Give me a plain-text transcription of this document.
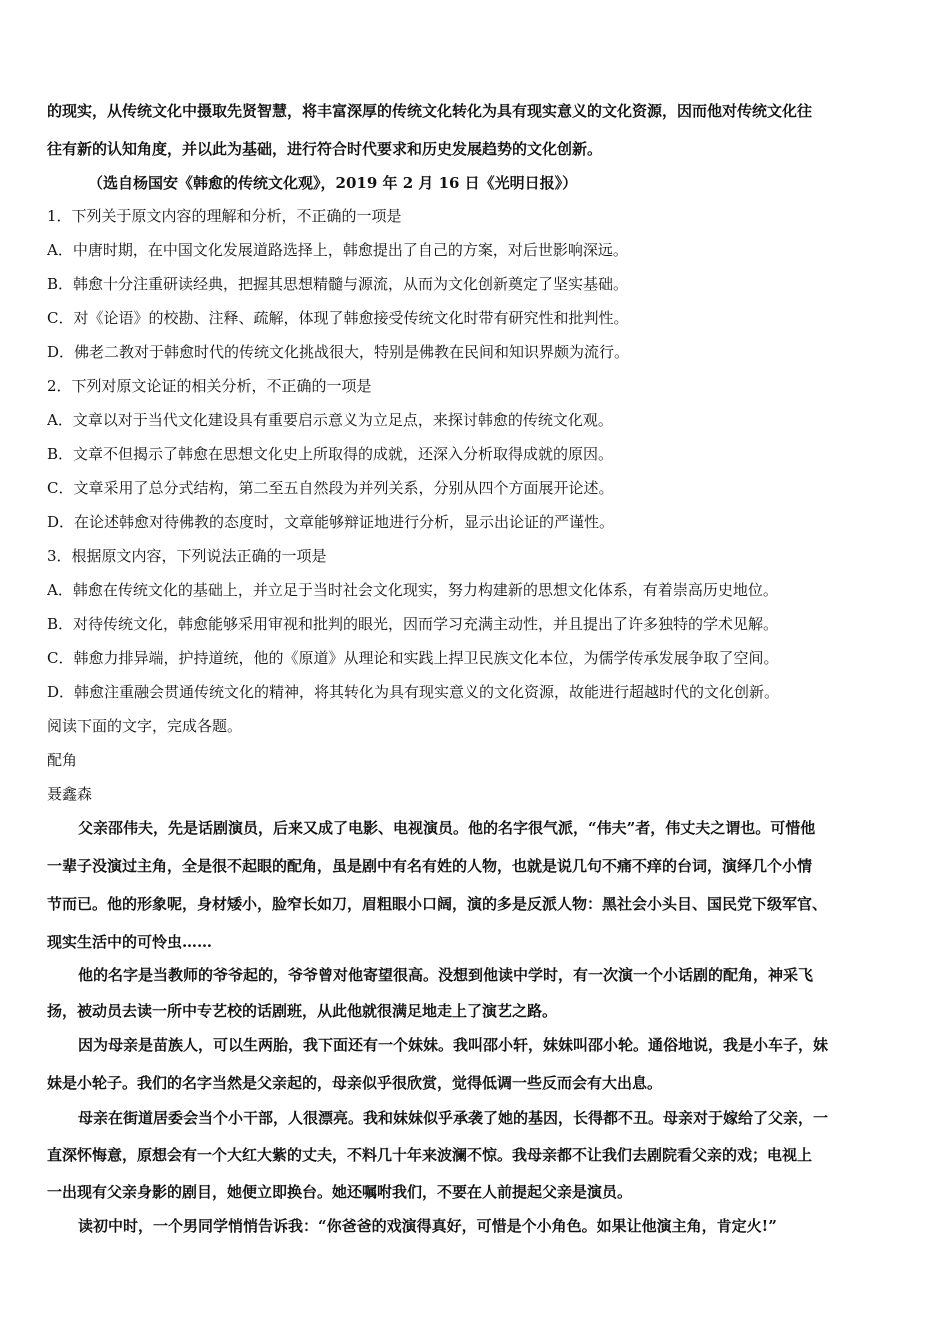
的现实，从传统文化中摄取先贤智慧，将丰富深厚的传统文化转化为具有现实意义的文化资源，因而他对传统文化往
往有新的认知角度，并以此为基础，进行符合时代要求和历史发展趋势的文化创新。
（选自杨国安《韩愈的传统文化观》，2019 年 2 月 16 日《光明日报》）
1．下列关于原文内容的理解和分析，不正确的一项是
A．中唐时期，在中国文化发展道路选择上，韩愈提出了自己的方案，对后世影响深远。
B．韩愈十分注重研读经典，把握其思想精髓与源流，从而为文化创新奠定了坚实基础。
C．对《论语》的校勘、注释、疏解，体现了韩愈接受传统文化时带有研究性和批判性。
D．佛老二教对于韩愈时代的传统文化挑战很大，特别是佛教在民间和知识界颇为流行。
2．下列对原文论证的相关分析，不正确的一项是
A．文章以对于当代文化建设具有重要启示意义为立足点，来探讨韩愈的传统文化观。
B．文章不但揭示了韩愈在思想文化史上所取得的成就，还深入分析取得成就的原因。
C．文章采用了总分式结构，第二至五自然段为并列关系，分别从四个方面展开论述。
D．在论述韩愈对待佛教的态度时，文章能够辩证地进行分析，显示出论证的严谨性。
3．根据原文内容，下列说法正确的一项是
A．韩愈在传统文化的基础上，并立足于当时社会文化现实，努力构建新的思想文化体系，有着崇高历史地位。
B．对待传统文化，韩愈能够采用审视和批判的眼光，因而学习充满主动性，并且提出了许多独特的学术见解。
C．韩愈力排异端，护持道统，他的《原道》从理论和实践上捍卫民族文化本位，为儒学传承发展争取了空间。
D．韩愈注重融会贯通传统文化的精神，将其转化为具有现实意义的文化资源，故能进行超越时代的文化创新。
阅读下面的文字，完成各题。
配角
聂鑫森
父亲邵伟夫，先是话剧演员，后来又成了电影、电视演员。他的名字很气派，“伟夫”者，伟丈夫之谓也。可惜他
一辈子没演过主角，全是很不起眼的配角，虽是剧中有名有姓的人物，也就是说几句不痛不痒的台词，演绎几个小情
节而已。他的形象呢，身材矮小，脸窄长如刀，眉粗眼小口阔，演的多是反派人物：黑社会小头目、国民党下级军官、
现实生活中的可怜虫……
他的名字是当教师的爷爷起的，爷爷曾对他寄望很高。没想到他读中学时，有一次演一个小话剧的配角，神采飞
扬，被动员去读一所中专艺校的话剧班，从此他就很满足地走上了演艺之路。
因为母亲是苗族人，可以生两胎，我下面还有一个妹妹。我叫邵小轩，妹妹叫邵小轮。通俗地说，我是小车子，妹
妹是小轮子。我们的名字当然是父亲起的，母亲似乎很欣赏，觉得低调一些反而会有大出息。
母亲在街道居委会当个小干部，人很漂亮。我和妹妹似乎承袭了她的基因，长得都不丑。母亲对于嫁给了父亲，一
直深怀悔意，原想会有一个大红大紫的丈夫，不料几十年来波澜不惊。我母亲都不让我们去剧院看父亲的戏；电视上
一出现有父亲身影的剧目，她便立即换台。她还嘱咐我们，不要在人前提起父亲是演员。
读初中时，一个男同学悄悄告诉我：“你爸爸的戏演得真好，可惜是个小角色。如果让他演主角，肯定火!”
